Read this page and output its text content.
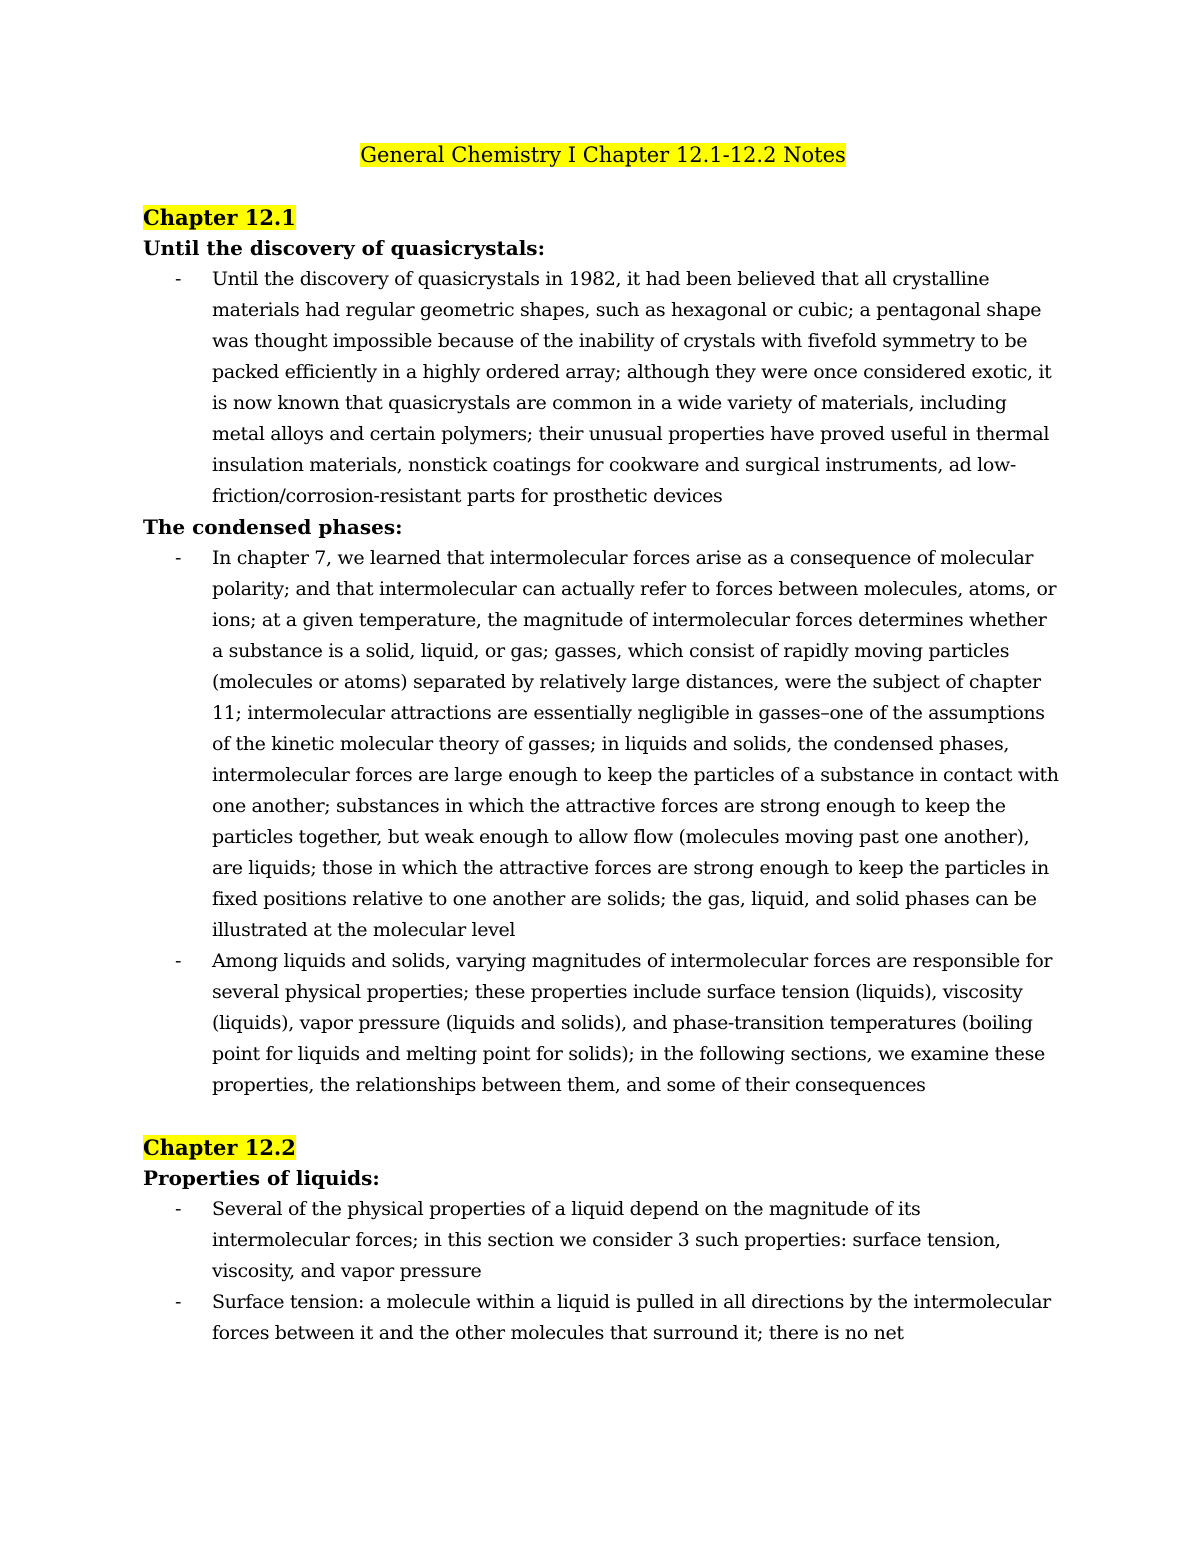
General Chemistry I Chapter 12.1-12.2 Notes

Chapter 12.1
Until the discovery of quasicrystals:
- Until the discovery of quasicrystals in 1982, it had been believed that all crystalline materials had regular geometric shapes, such as hexagonal or cubic; a pentagonal shape was thought impossible because of the inability of crystals with fivefold symmetry to be packed efficiently in a highly ordered array; although they were once considered exotic, it is now known that quasicrystals are common in a wide variety of materials, including metal alloys and certain polymers; their unusual properties have proved useful in thermal insulation materials, nonstick coatings for cookware and surgical instruments, ad low-friction/corrosion-resistant parts for prosthetic devices
The condensed phases:
- In chapter 7, we learned that intermolecular forces arise as a consequence of molecular polarity; and that intermolecular can actually refer to forces between molecules, atoms, or ions; at a given temperature, the magnitude of intermolecular forces determines whether a substance is a solid, liquid, or gas; gasses, which consist of rapidly moving particles (molecules or atoms) separated by relatively large distances, were the subject of chapter 11; intermolecular attractions are essentially negligible in gasses–one of the assumptions of the kinetic molecular theory of gasses; in liquids and solids, the condensed phases, intermolecular forces are large enough to keep the particles of a substance in contact with one another; substances in which the attractive forces are strong enough to keep the particles together, but weak enough to allow flow (molecules moving past one another), are liquids; those in which the attractive forces are strong enough to keep the particles in fixed positions relative to one another are solids; the gas, liquid, and solid phases can be illustrated at the molecular level
- Among liquids and solids, varying magnitudes of intermolecular forces are responsible for several physical properties; these properties include surface tension (liquids), viscosity (liquids), vapor pressure (liquids and solids), and phase-transition temperatures (boiling point for liquids and melting point for solids); in the following sections, we examine these properties, the relationships between them, and some of their consequences
Chapter 12.2
Properties of liquids:
- Several of the physical properties of a liquid depend on the magnitude of its intermolecular forces; in this section we consider 3 such properties: surface tension, viscosity, and vapor pressure
- Surface tension: a molecule within a liquid is pulled in all directions by the intermolecular forces between it and the other molecules that surround it; there is no net
